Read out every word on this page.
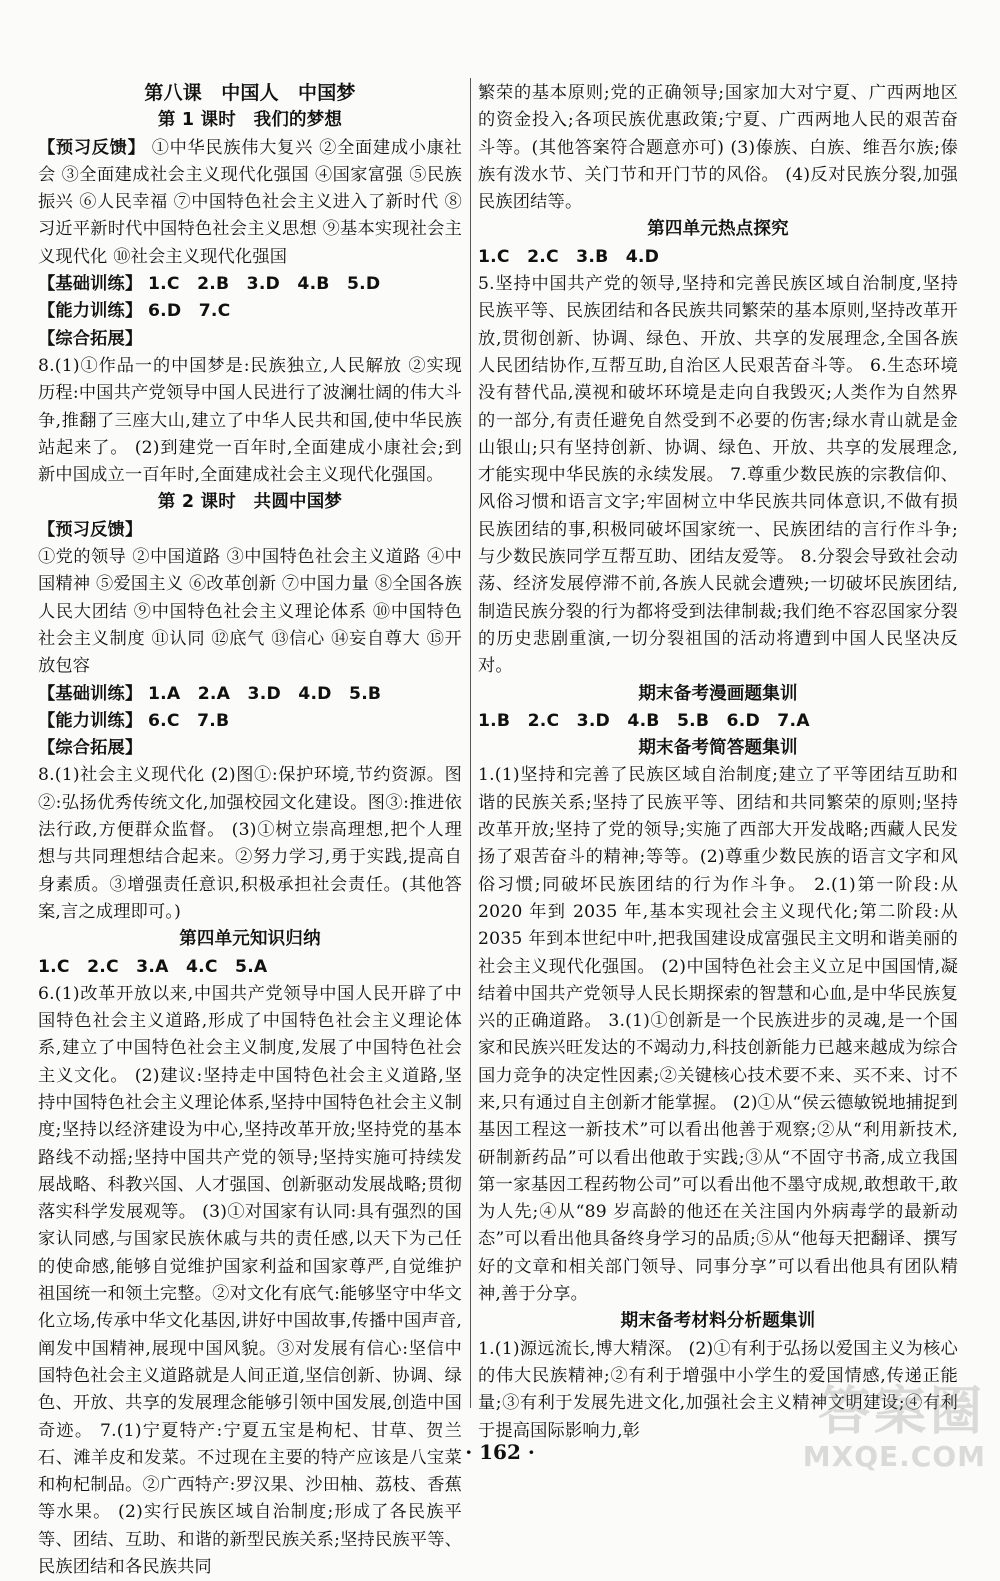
第八课　中国人　中国梦
第 1 课时　我们的梦想
【预习反馈】 ①中华民族伟大复兴 ②全面建成小康社会 ③全面建成社会主义现代化强国 ④国家富强 ⑤民族振兴 ⑥人民幸福 ⑦中国特色社会主义进入了新时代 ⑧习近平新时代中国特色社会主义思想 ⑨基本实现社会主义现代化 ⑩社会主义现代化强国
【基础训练】 1.C　2.B　3.D　4.B　5.D
【能力训练】 6.D　7.C
【综合拓展】
8.(1)①作品一的中国梦是:民族独立,人民解放 ②实现历程:中国共产党领导中国人民进行了波澜壮阔的伟大斗争,推翻了三座大山,建立了中华人民共和国,使中华民族站起来了。 (2)到建党一百年时,全面建成小康社会;到新中国成立一百年时,全面建成社会主义现代化强国。
第 2 课时　共圆中国梦
【预习反馈】
①党的领导 ②中国道路 ③中国特色社会主义道路 ④中国精神 ⑤爱国主义 ⑥改革创新 ⑦中国力量 ⑧全国各族人民大团结 ⑨中国特色社会主义理论体系 ⑩中国特色社会主义制度 ⑪认同 ⑫底气 ⑬信心 ⑭妄自尊大 ⑮开放包容
【基础训练】 1.A　2.A　3.D　4.D　5.B
【能力训练】 6.C　7.B
【综合拓展】
8.(1)社会主义现代化 (2)图①:保护环境,节约资源。图②:弘扬优秀传统文化,加强校园文化建设。图③:推进依法行政,方便群众监督。 (3)①树立崇高理想,把个人理想与共同理想结合起来。②努力学习,勇于实践,提高自身素质。③增强责任意识,积极承担社会责任。(其他答案,言之成理即可。)
第四单元知识归纳
1.C　2.C　3.A　4.C　5.A
6.(1)改革开放以来,中国共产党领导中国人民开辟了中国特色社会主义道路,形成了中国特色社会主义理论体系,建立了中国特色社会主义制度,发展了中国特色社会主义文化。 (2)建议:坚持走中国特色社会主义道路,坚持中国特色社会主义理论体系,坚持中国特色社会主义制度;坚持以经济建设为中心,坚持改革开放;坚持党的基本路线不动摇;坚持中国共产党的领导;坚持实施可持续发展战略、科教兴国、人才强国、创新驱动发展战略;贯彻落实科学发展观等。 (3)①对国家有认同:具有强烈的国家认同感,与国家民族休戚与共的责任感,以天下为己任的使命感,能够自觉维护国家利益和国家尊严,自觉维护祖国统一和领土完整。②对文化有底气:能够坚守中华文化立场,传承中华文化基因,讲好中国故事,传播中国声音,阐发中国精神,展现中国风貌。③对发展有信心:坚信中国特色社会主义道路就是人间正道,坚信创新、协调、绿色、开放、共享的发展理念能够引领中国发展,创造中国奇迹。 7.(1)宁夏特产:宁夏五宝是枸杞、甘草、贺兰石、滩羊皮和发菜。不过现在主要的特产应该是八宝菜和枸杞制品。②广西特产:罗汉果、沙田柚、荔枝、香蕉等水果。 (2)实行民族区域自治制度;形成了各民族平等、团结、互助、和谐的新型民族关系;坚持民族平等、民族团结和各民族共同
繁荣的基本原则;党的正确领导;国家加大对宁夏、广西两地区的资金投入;各项民族优惠政策;宁夏、广西两地人民的艰苦奋斗等。(其他答案符合题意亦可) (3)傣族、白族、维吾尔族;傣族有泼水节、关门节和开门节的风俗。 (4)反对民族分裂,加强民族团结等。
第四单元热点探究
1.C　2.C　3.B　4.D
5.坚持中国共产党的领导,坚持和完善民族区域自治制度,坚持民族平等、民族团结和各民族共同繁荣的基本原则,坚持改革开放,贯彻创新、协调、绿色、开放、共享的发展理念,全国各族人民团结协作,互帮互助,自治区人民艰苦奋斗等。 6.生态环境没有替代品,漠视和破坏环境是走向自我毁灭;人类作为自然界的一部分,有责任避免自然受到不必要的伤害;绿水青山就是金山银山;只有坚持创新、协调、绿色、开放、共享的发展理念,才能实现中华民族的永续发展。 7.尊重少数民族的宗教信仰、风俗习惯和语言文字;牢固树立中华民族共同体意识,不做有损民族团结的事,积极同破坏国家统一、民族团结的言行作斗争;与少数民族同学互帮互助、团结友爱等。 8.分裂会导致社会动荡、经济发展停滞不前,各族人民就会遭殃;一切破坏民族团结,制造民族分裂的行为都将受到法律制裁;我们绝不容忍国家分裂的历史悲剧重演,一切分裂祖国的活动将遭到中国人民坚决反对。
期末备考漫画题集训
1.B　2.C　3.D　4.B　5.B　6.D　7.A
期末备考简答题集训
1.(1)坚持和完善了民族区域自治制度;建立了平等团结互助和谐的民族关系;坚持了民族平等、团结和共同繁荣的原则;坚持改革开放;坚持了党的领导;实施了西部大开发战略;西藏人民发扬了艰苦奋斗的精神;等等。(2)尊重少数民族的语言文字和风俗习惯;同破坏民族团结的行为作斗争。 2.(1)第一阶段:从 2020 年到 2035 年,基本实现社会主义现代化;第二阶段:从 2035 年到本世纪中叶,把我国建设成富强民主文明和谐美丽的社会主义现代化强国。 (2)中国特色社会主义立足中国国情,凝结着中国共产党领导人民长期探索的智慧和心血,是中华民族复兴的正确道路。 3.(1)①创新是一个民族进步的灵魂,是一个国家和民族兴旺发达的不竭动力,科技创新能力已越来越成为综合国力竞争的决定性因素;②关键核心技术要不来、买不来、讨不来,只有通过自主创新才能掌握。 (2)①从“侯云德敏锐地捕捉到基因工程这一新技术”可以看出他善于观察;②从“利用新技术,研制新药品”可以看出他敢于实践;③从“不固守书斋,成立我国第一家基因工程药物公司”可以看出他不墨守成规,敢想敢干,敢为人先;④从“89 岁高龄的他还在关注国内外病毒学的最新动态”可以看出他具备终身学习的品质;⑤从“他每天把翻译、撰写好的文章和相关部门领导、同事分享”可以看出他具有团队精神,善于分享。
期末备考材料分析题集训
1.(1)源远流长,博大精深。 (2)①有利于弘扬以爱国主义为核心的伟大民族精神;②有利于增强中小学生的爱国情感,传递正能量;③有利于发展先进文化,加强社会主义精神文明建设;④有利于提高国际影响力,彰
· 162 ·
答案圈
MXQE.COM
